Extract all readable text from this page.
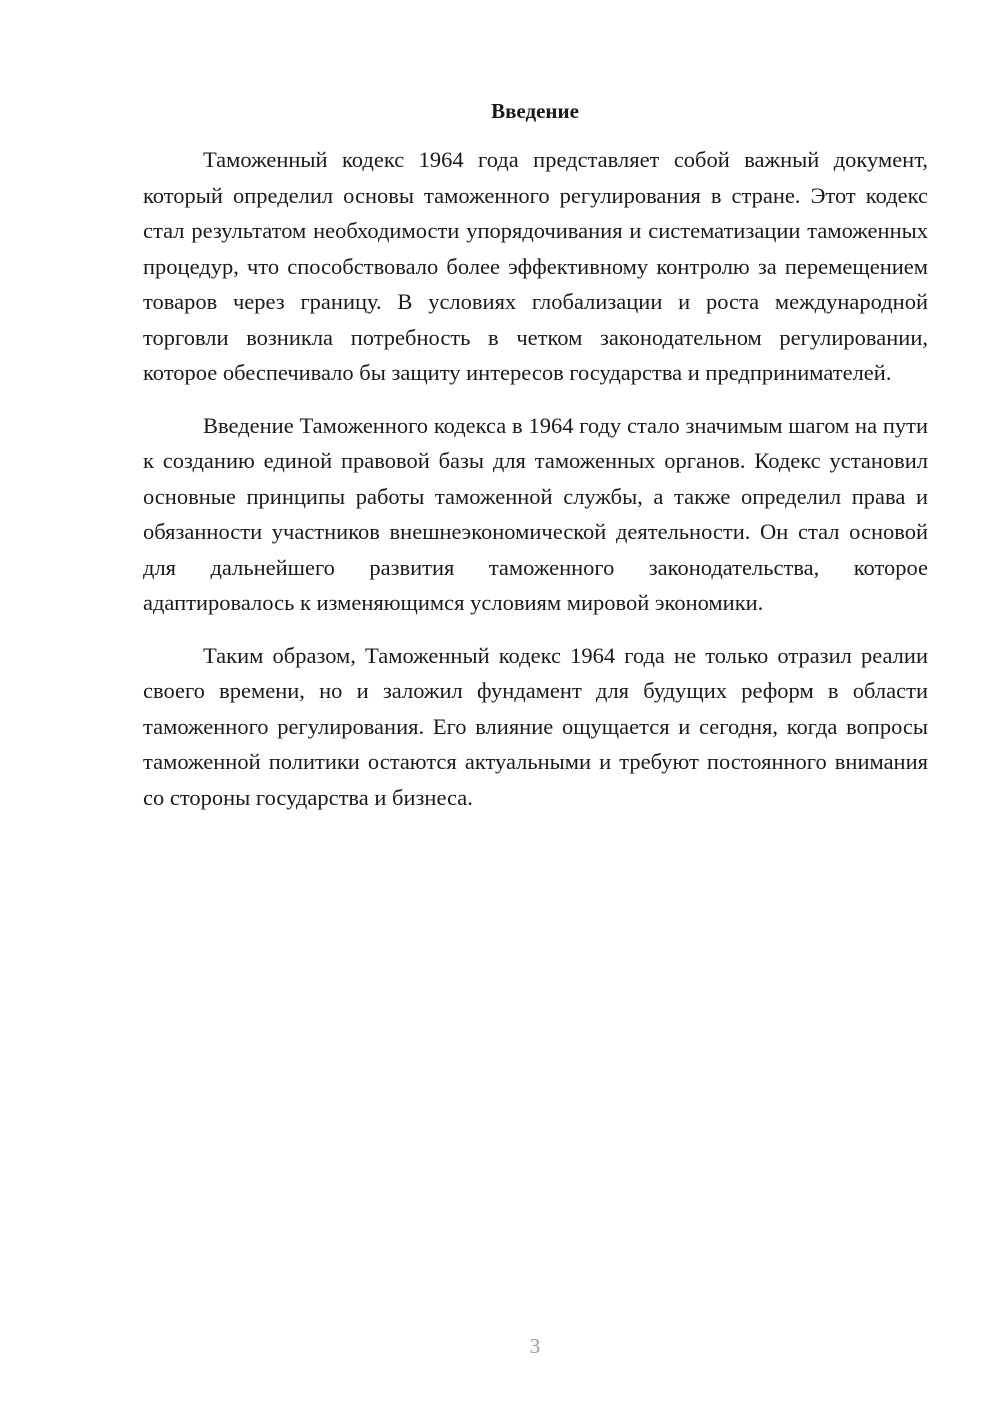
Введение

Таможенный кодекс 1964 года представляет собой важный документ, который определил основы таможенного регулирования в стране. Этот кодекс стал результатом необходимости упорядочивания и систематизации таможенных процедур, что способствовало более эффективному контролю за перемещением товаров через границу. В условиях глобализации и роста международной торговли возникла потребность в четком законодательном регулировании, которое обеспечивало бы защиту интересов государства и предпринимателей.

Введение Таможенного кодекса в 1964 году стало значимым шагом на пути к созданию единой правовой базы для таможенных органов. Кодекс установил основные принципы работы таможенной службы, а также определил права и обязанности участников внешнеэкономической деятельности. Он стал основой для дальнейшего развития таможенного законодательства, которое адаптировалось к изменяющимся условиям мировой экономики.

Таким образом, Таможенный кодекс 1964 года не только отразил реалии своего времени, но и заложил фундамент для будущих реформ в области таможенного регулирования. Его влияние ощущается и сегодня, когда вопросы таможенной политики остаются актуальными и требуют постоянного внимания со стороны государства и бизнеса.

3
